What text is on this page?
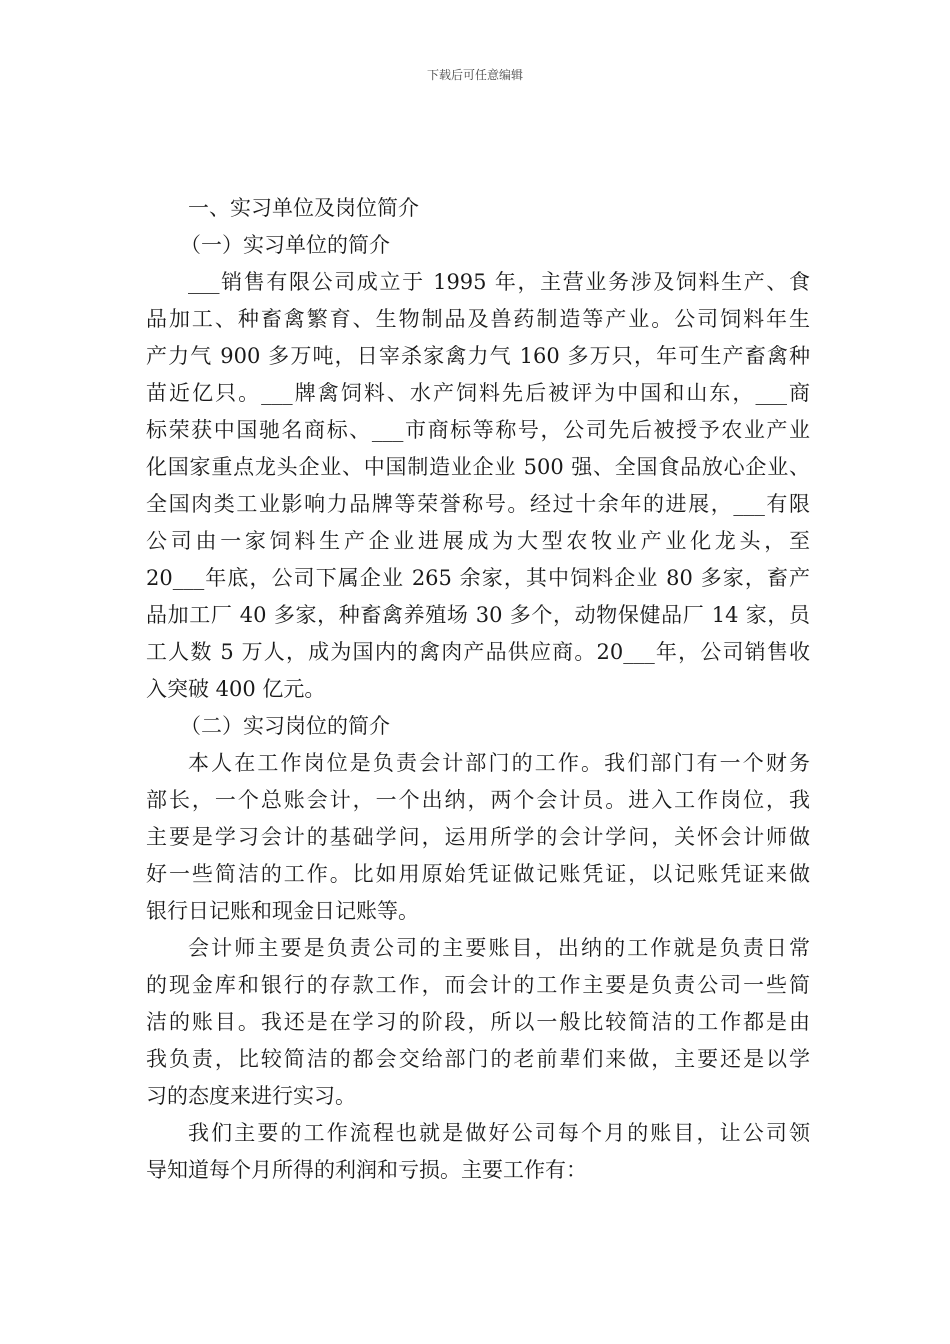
下载后可任意编辑
一、实习单位及岗位简介
（一）实习单位的简介
___销售有限公司成立于 1995 年，主营业务涉及饲料生产、食
品加工、种畜禽繁育、生物制品及兽药制造等产业。公司饲料年生
产力气 900 多万吨，日宰杀家禽力气 160 多万只，年可生产畜禽种
苗近亿只。___牌禽饲料、水产饲料先后被评为中国和山东，___商
标荣获中国驰名商标、___市商标等称号，公司先后被授予农业产业
化国家重点龙头企业、中国制造业企业 500 强、全国食品放心企业、
全国肉类工业影响力品牌等荣誉称号。经过十余年的进展，___有限
公司由一家饲料生产企业进展成为大型农牧业产业化龙头，至
20___年底，公司下属企业 265 余家，其中饲料企业 80 多家，畜产
品加工厂 40 多家，种畜禽养殖场 30 多个，动物保健品厂 14 家，员
工人数 5 万人，成为国内的禽肉产品供应商。20___年，公司销售收
入突破 400 亿元。
（二）实习岗位的简介
本人在工作岗位是负责会计部门的工作。我们部门有一个财务
部长，一个总账会计，一个出纳，两个会计员。进入工作岗位，我
主要是学习会计的基础学问，运用所学的会计学问，关怀会计师做
好一些简洁的工作。比如用原始凭证做记账凭证，以记账凭证来做
银行日记账和现金日记账等。
会计师主要是负责公司的主要账目，出纳的工作就是负责日常
的现金库和银行的存款工作，而会计的工作主要是负责公司一些简
洁的账目。我还是在学习的阶段，所以一般比较简洁的工作都是由
我负责，比较简洁的都会交给部门的老前辈们来做，主要还是以学
习的态度来进行实习。
我们主要的工作流程也就是做好公司每个月的账目，让公司领
导知道每个月所得的利润和亏损。主要工作有：
